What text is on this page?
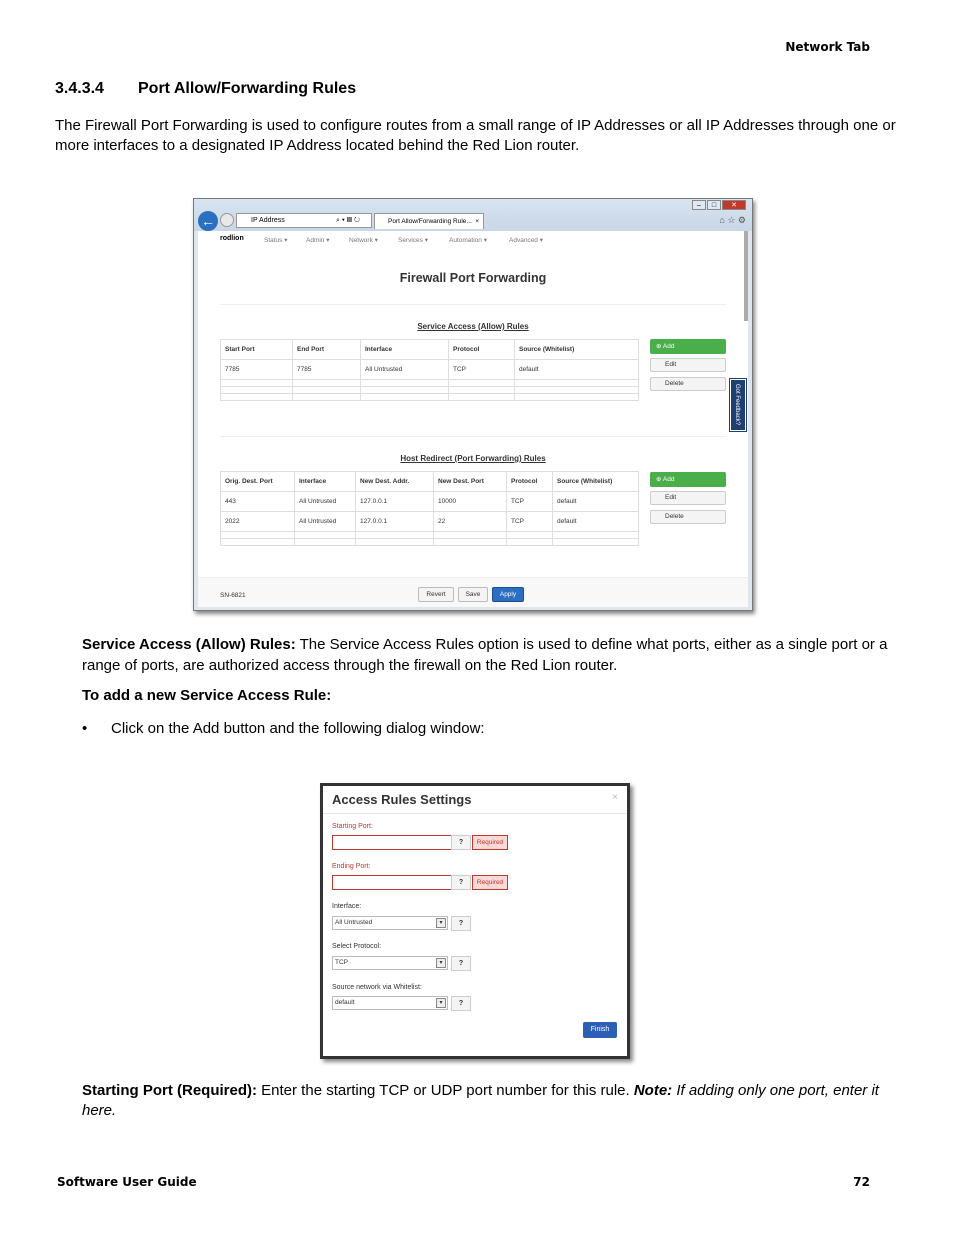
Network Tab
3.4.3.4 Port Allow/Forwarding Rules
The Firewall Port Forwarding is used to configure routes from a small range of IP Addresses or all IP Addresses through one or more interfaces to a designated IP Address located behind the Red Lion router.
–	□	✕
←	IP Address	⌕ ▾ ▤ ↻	Port Allow/Forwarding Rule... ×	⌂ ☆ ⚙
rodlion	Status ▾	Admin ▾	Network ▾	Services ▾	Automation ▾	Advanced ▾
Firewall Port Forwarding
Service Access (Allow) Rules
Start Port	End Port	Interface	Protocol	Source (Whitelist)
7785	7785	All Untrusted	TCP	default

⊕ Add
Edit
Delete
Got Feedback?
Host Redirect (Port Forwarding) Rules
Orig. Dest. Port	Interface	New Dest. Addr.	New Dest. Port	Protocol	Source (Whitelist)
443	All Untrusted	127.0.0.1	10000	TCP	default
2022	All Untrusted	127.0.0.1	22	TCP	default

⊕ Add
Edit
Delete
SN-6821	Revert	Save	Apply
Service Access (Allow) Rules: The Service Access Rules option is used to define what ports, either as a single port or a range of ports, are authorized access through the firewall on the Red Lion router.
To add a new Service Access Rule:
• Click on the Add button and the following dialog window:
Access Rules Settings	×
Starting Port:
?	Required
Ending Port:
?	Required
Interface:
All Untrusted	▾	?
Select Protocol:
TCP	▾	?
Source network via Whitelist:
default	▾	?
Finish
Starting Port (Required): Enter the starting TCP or UDP port number for this rule. Note: If adding only one port, enter it here.
Software User Guide	72
